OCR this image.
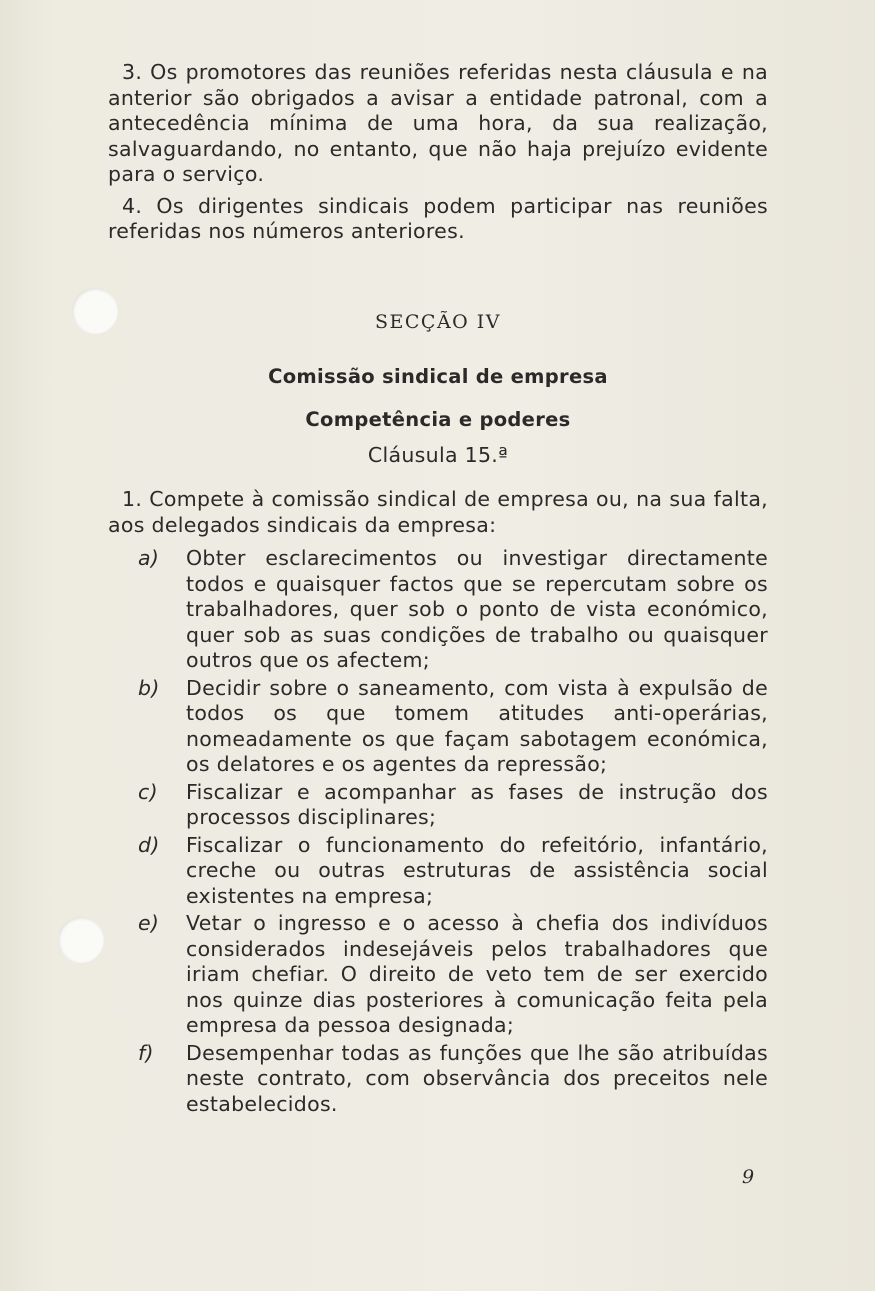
3. Os promotores das reuniões referidas nesta cláusula e na anterior são obrigados a avisar a entidade patronal, com a antecedência mínima de uma hora, da sua realização, salvaguardando, no entanto, que não haja prejuízo evidente para o serviço.

4. Os dirigentes sindicais podem participar nas reuniões referidas nos números anteriores.

SECÇÃO IV

Comissão sindical de empresa

Competência e poderes

Cláusula 15.ª

1. Compete à comissão sindical de empresa ou, na sua falta, aos delegados sindicais da empresa:

a) Obter esclarecimentos ou investigar directamente todos e quaisquer factos que se repercutam sobre os trabalhadores, quer sob o ponto de vista económico, quer sob as suas condições de trabalho ou quaisquer outros que os afectem;

b) Decidir sobre o saneamento, com vista à expulsão de todos os que tomem atitudes anti-operárias, nomeadamente os que façam sabotagem económica, os delatores e os agentes da repressão;

c) Fiscalizar e acompanhar as fases de instrução dos processos disciplinares;

d) Fiscalizar o funcionamento do refeitório, infantário, creche ou outras estruturas de assistência social existentes na empresa;

e) Vetar o ingresso e o acesso à chefia dos indivíduos considerados indesejáveis pelos trabalhadores que iriam chefiar. O direito de veto tem de ser exercido nos quinze dias posteriores à comunicação feita pela empresa da pessoa designada;

f) Desempenhar todas as funções que lhe são atribuídas neste contrato, com observância dos preceitos nele estabelecidos.

9
